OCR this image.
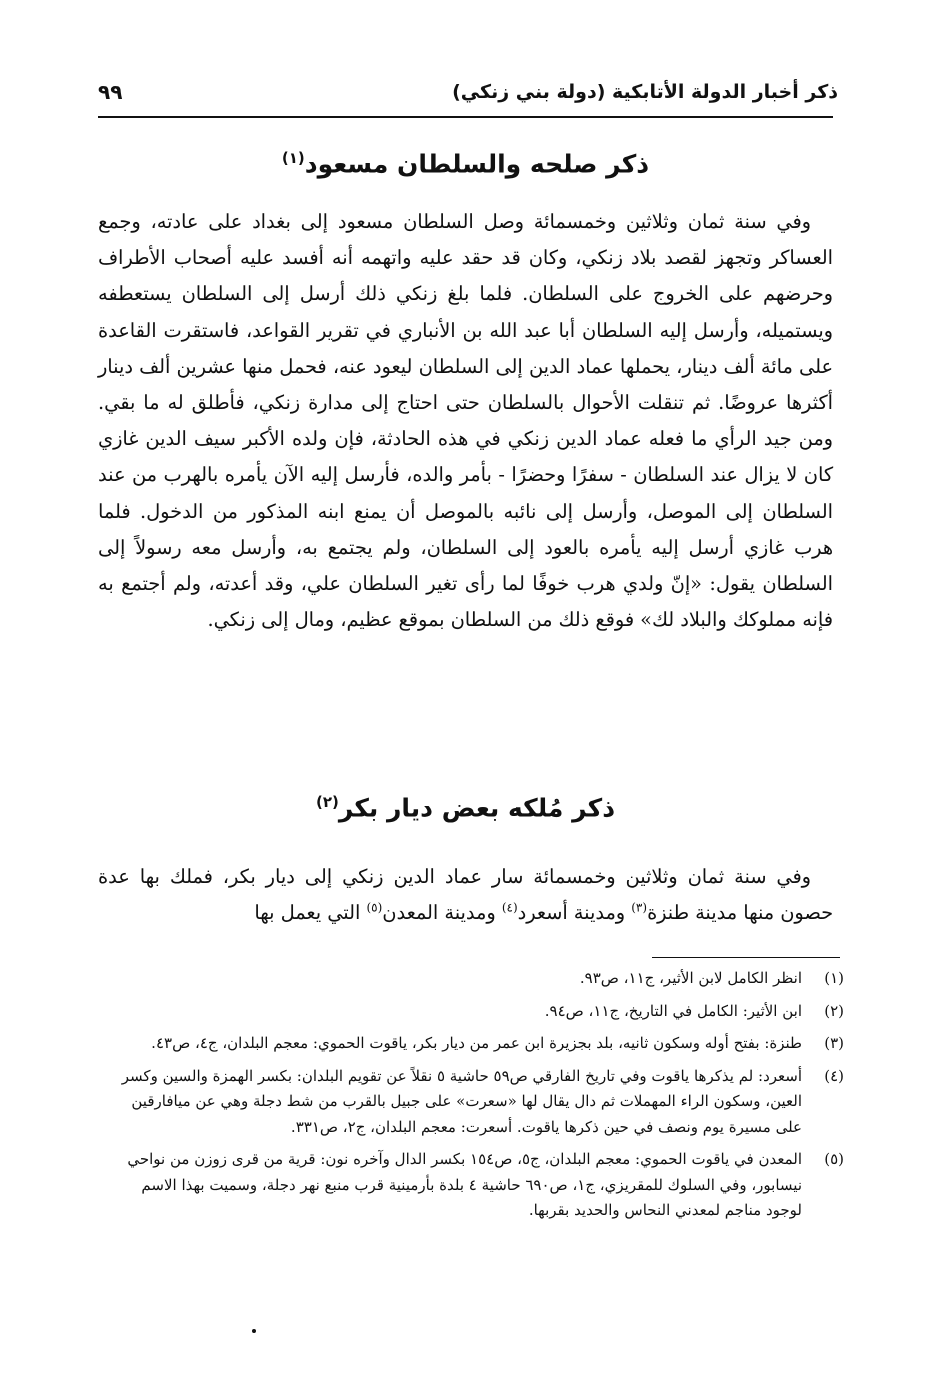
ذكر أخبار الدولة الأتابكية (دولة بني زنكي)
٩٩
ذكر صلحه والسلطان مسعود$^{(١)}$
وفي سنة ثمان وثلاثين وخمسمائة وصل السلطان مسعود إلى بغداد على عادته، وجمع العساكر وتجهز لقصد بلاد زنكي، وكان قد حقد عليه واتهمه أنه أفسد عليه أصحاب الأطراف وحرضهم على الخروج على السلطان. فلما بلغ زنكي ذلك أرسل إلى السلطان يستعطفه ويستميله، وأرسل إليه السلطان أبا عبد الله بن الأنباري في تقرير القواعد، فاستقرت القاعدة على مائة ألف دينار، يحملها عماد الدين إلى السلطان ليعود عنه، فحمل منها عشرين ألف دينار أكثرها عروضًا. ثم تنقلت الأحوال بالسلطان حتى احتاج إلى مدارة زنكي، فأطلق له ما بقي. ومن جيد الرأي ما فعله عماد الدين زنكي في هذه الحادثة، فإن ولده الأكبر سيف الدين غازي كان لا يزال عند السلطان - سفرًا وحضرًا - بأمر والده، فأرسل إليه الآن يأمره بالهرب من عند السلطان إلى الموصل، وأرسل إلى نائبه بالموصل أن يمنع ابنه المذكور من الدخول. فلما هرب غازي أرسل إليه يأمره بالعود إلى السلطان، ولم يجتمع به، وأرسل معه رسولاً إلى السلطان يقول: «إنّ ولدي هرب خوفًا لما رأى تغير السلطان علي، وقد أعدته، ولم أجتمع به فإنه مملوكك والبلاد لك» فوقع ذلك من السلطان بموقع عظيم، ومال إلى زنكي.
ذكر مُلكه بعض ديار بكر$^{(٢)}$
وفي سنة ثمان وثلاثين وخمسمائة سار عماد الدين زنكي إلى ديار بكر، فملك بها عدة حصون منها مدينة طنزة$^{(٣)}$ ومدينة أسعرد$^{(٤)}$ ومدينة المعدن$^{(٥)}$ التي يعمل بها
(١)
انظر الكامل لابن الأثير، ج١١، ص٩٣.
(٢)
ابن الأثير: الكامل في التاريخ، ج١١، ص٩٤.
(٣)
طنزة: بفتح أوله وسكون ثانيه، بلد بجزيرة ابن عمر من ديار بكر، ياقوت الحموي: معجم البلدان، ج٤، ص٤٣.
(٤)
أسعرد: لم يذكرها ياقوت وفي تاريخ الفارقي ص٥٩ حاشية ٥ نقلاً عن تقويم البلدان: بكسر الهمزة والسين وكسر العين، وسكون الراء المهملات ثم دال يقال لها «سعرت» على جبيل بالقرب من شط دجلة وهي عن ميافارقين على مسيرة يوم ونصف في حين ذكرها ياقوت. أسعرت: معجم البلدان، ج٢، ص٣٣١.
(٥)
المعدن في ياقوت الحموي: معجم البلدان، ج٥، ص١٥٤ بكسر الدال وآخره نون: قرية من قرى زوزن من نواحي نيسابور، وفي السلوك للمقريزي، ج١، ص٦٩٠ حاشية ٤ بلدة بأرمينية قرب منبع نهر دجلة، وسميت بهذا الاسم لوجود مناجم لمعدني النحاس والحديد بقربها.
